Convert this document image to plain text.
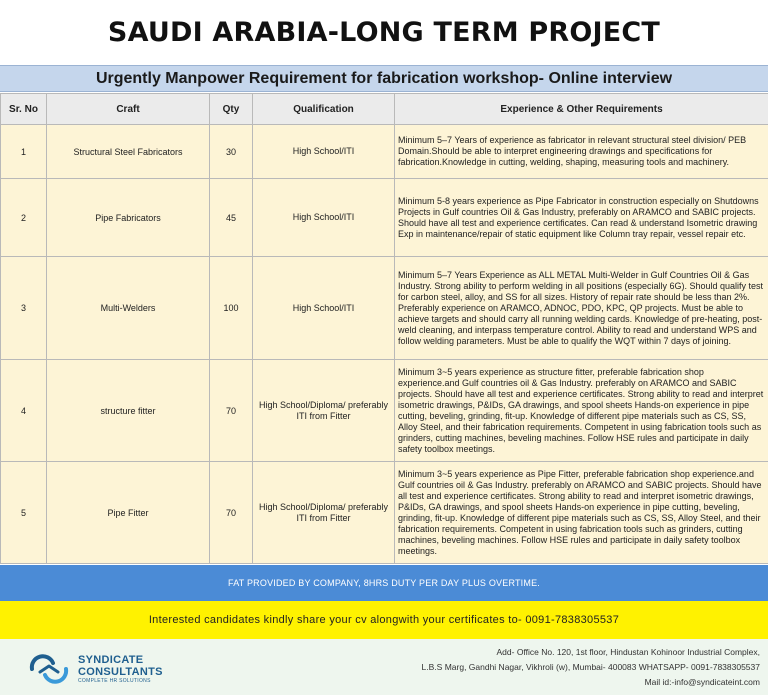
SAUDI ARABIA-LONG TERM PROJECT
Urgently Manpower Requirement for fabrication workshop- Online interview
Sr. No	Craft	Qty	Qualification	Experience & Other Requirements
1	Structural Steel Fabricators	30	High School/ITI	Minimum 5–7 Years of experience as fabricator in relevant structural steel division/ PEB Domain.Should be able to interpret engineering drawings and specifications for fabrication.Knowledge in cutting, welding, shaping, measuring tools and machinery.
2	Pipe Fabricators	45	High School/ITI	Minimum 5-8 years experience as Pipe Fabricator in construction especially on Shutdowns Projects in Gulf countries Oil & Gas Industry, preferably on ARAMCO and SABIC projects. Should have all test and experience certificates. Can read & understand Isometric drawing Exp in maintenance/repair of static equipment like Column tray repair, vessel repair etc.
3	Multi-Welders	100	High School/ITI	Minimum 5–7 Years Experience as ALL METAL Multi-Welder in Gulf Countries Oil & Gas Industry. Strong ability to perform welding in all positions (especially 6G). Should qualify test for carbon steel, alloy, and SS for all sizes. History of repair rate should be less than 2%. Preferably experience on ARAMCO, ADNOC, PDO, KPC, QP projects. Must be able to achieve targets and should carry all running welding cards. Knowledge of pre-heating, post-weld cleaning, and interpass temperature control. Ability to read and understand WPS and follow welding parameters. Must be able to qualify the WQT within 7 days of joining.
4	structure fitter	70	High School/Diploma/ preferably ITI from Fitter	Minimum 3~5 years experience as structure fitter, preferable fabrication shop experience.and Gulf countries oil & Gas Industry. preferably on ARAMCO and SABIC projects. Should have all test and experience certificates. Strong ability to read and interpret isometric drawings, P&IDs, GA drawings, and spool sheets Hands-on experience in pipe cutting, beveling, grinding, fit-up. Knowledge of different pipe materials such as CS, SS, Alloy Steel, and their fabrication requirements. Competent in using fabrication tools such as grinders, cutting machines, beveling machines. Follow HSE rules and participate in daily safety toolbox meetings.
5	Pipe Fitter	70	High School/Diploma/ preferably ITI from Fitter	Minimum 3~5 years experience as Pipe Fitter, preferable fabrication shop experience.and Gulf countries oil & Gas Industry. preferably on ARAMCO and SABIC projects. Should have all test and experience certificates. Strong ability to read and interpret isometric drawings, P&IDs, GA drawings, and spool sheets Hands-on experience in pipe cutting, beveling, grinding, fit-up. Knowledge of different pipe materials such as CS, SS, Alloy Steel, and their fabrication requirements. Competent in using fabrication tools such as grinders, cutting machines, beveling machines. Follow HSE rules and participate in daily safety toolbox meetings.
FAT PROVIDED BY COMPANY, 8HRS DUTY PER DAY PLUS OVERTIME.
Interested candidates kindly share your cv alongwith your certificates to- 0091-7838305537
SYNDICATE
CONSULTANTS
COMPLETE HR SOLUTIONS
Add- Office No. 120, 1st floor, Hindustan Kohinoor Industrial Complex,
L.B.S Marg, Gandhi Nagar, Vikhroli (w), Mumbai- 400083 WHATSAPP- 0091-7838305537
Mail id:-info@syndicateint.com
